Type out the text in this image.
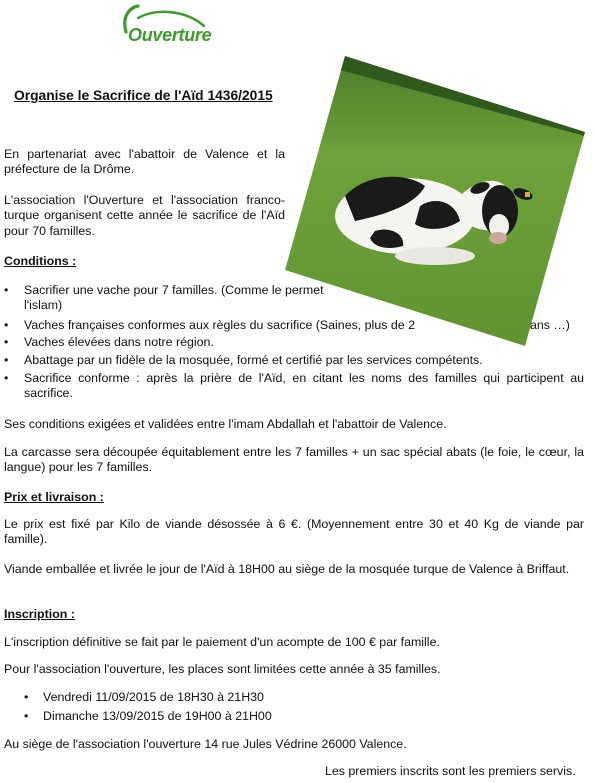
Ouverture
Organise le Sacrifice de l'Aïd 1436/2015
En partenariat avec l'abattoir de Valence et la préfecture de la Drôme.
L'association l'Ouverture et l'association franco-turque organisent cette année le sacrifice de l'Aïd pour 70 familles.
Conditions :
• Sacrifier une vache pour 7 familles. (Comme le permet l'islam)
• Vaches françaises conformes aux règles du sacrifice (Saines, plus de 2	ans …)
• Vaches élevées dans notre région.
• Abattage par un fidèle de la mosquée, formé et certifié par les services compétents.
• Sacrifice conforme : après la prière de l'Aïd, en citant les noms des familles qui participent au sacrifice.
Ses conditions exigées et validées entre l'imam Abdallah et l'abattoir de Valence.
La carcasse sera découpée équitablement entre les 7 familles + un sac spécial abats (le foie, le cœur, la langue) pour les 7 familles.
Prix et livraison :
Le prix est fixé par Kilo de viande désossée à 6 €. (Moyennement entre 30 et 40 Kg de viande par famille).
Viande emballée et livrée le jour de l'Aïd à 18H00 au siège de la mosquée turque de Valence à Briffaut.
Inscription :
L'inscription définitive se fait par le paiement d'un acompte de 100 € par famille.
Pour l'association l'ouverture, les places sont limitées cette année à 35 familles.
• Vendredi 11/09/2015 de 18H30 à 21H30
• Dimanche 13/09/2015 de 19H00 à 21H00
Au siège de l'association l'ouverture 14 rue Jules Védrine 26000 Valence.
Les premiers inscrits sont les premiers servis.
